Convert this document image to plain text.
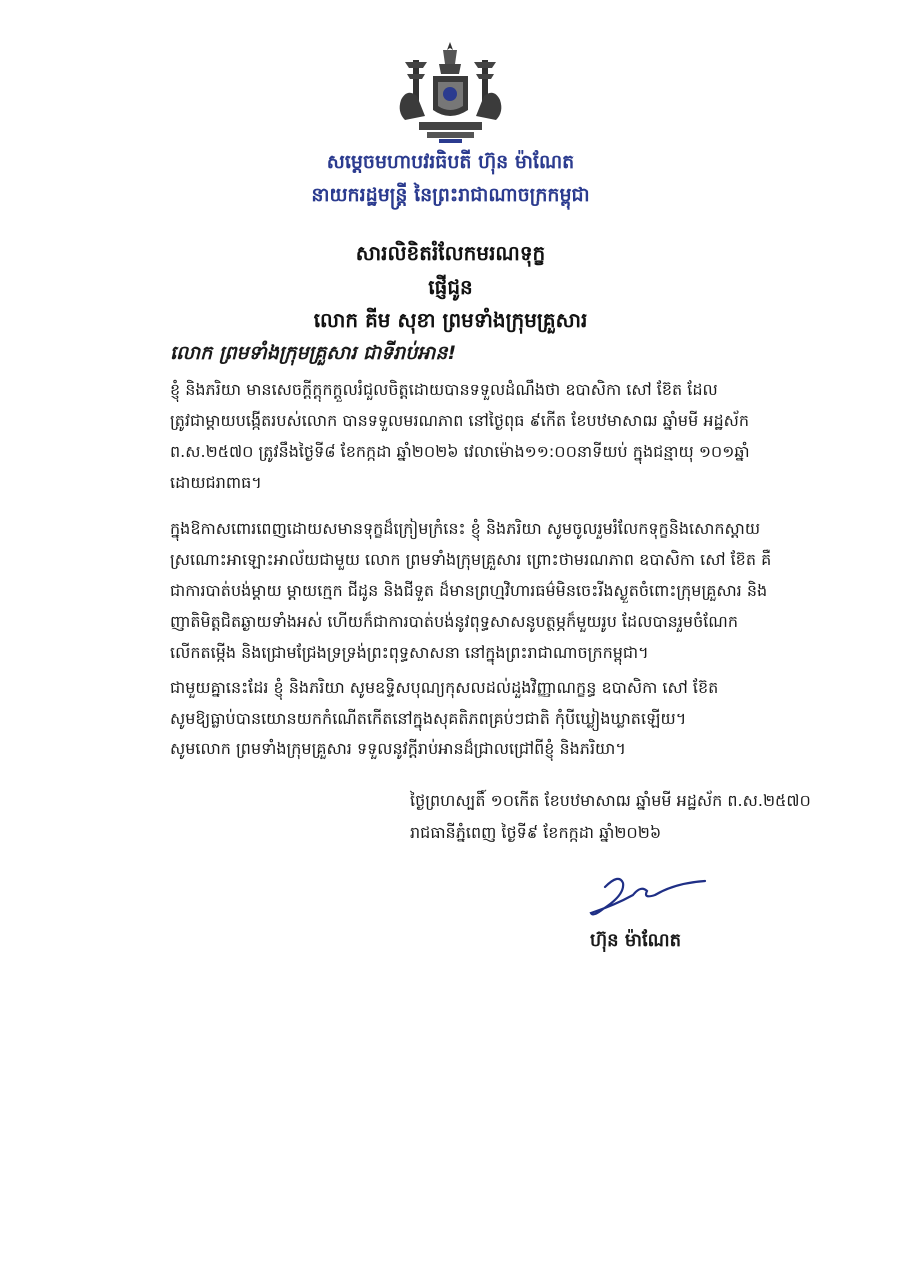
សម្ដេចមហាបវរធិបតី ហ៊ុន ម៉ាណែត
នាយករដ្ឋមន្ត្រី នៃព្រះរាជាណាចក្រកម្ពុជា
សារលិខិតរំលែកមរណទុក្ខ
ផ្ញើជូន
លោក គីម សុខា ព្រមទាំងក្រុមគ្រួសារ
លោក ព្រមទាំងក្រុមគ្រួសារ ជាទីរាប់អាន!

ខ្ញុំ និងភរិយា មានសេចក្ដីក្ដុកក្ដួលរំជួលចិត្តដោយបានទទួលដំណឹងថា ឧបាសិកា សៅ ខ៊ែត ដែល

ត្រូវជាម្ដាយបង្កើតរបស់លោក បានទទួលមរណភាព នៅថ្ងៃពុធ ៩កើត ខែបឋមាសាឍ ឆ្នាំមមី អដ្ឋស័ក

ព.ស.២៥៧០ ត្រូវនឹងថ្ងៃទី៨ ខែកក្កដា ឆ្នាំ២០២៦ វេលាម៉ោង១១:០០នាទីយប់ ក្នុងជន្មាយុ ១០១ឆ្នាំ

ដោយជរាពាធ។

ក្នុងឱកាសពោរពេញដោយសមានទុក្ខដ៏ក្រៀមក្រំនេះ ខ្ញុំ និងភរិយា សូមចូលរួមរំលែកទុក្ខនិងសោកស្ដាយ

ស្រណោះអាឡោះអាល័យជាមួយ លោក ព្រមទាំងក្រុមគ្រួសារ ព្រោះថាមរណភាព ឧបាសិកា សៅ ខ៊ែត គឺ

ជាការបាត់បង់ម្ដាយ ម្ដាយក្មេក ជីដូន និងជីទួត ដ៏មានព្រហ្មវិហារធម៌មិនចេះរីងស្ងួតចំពោះក្រុមគ្រួសារ និង

ញាតិមិត្តជិតឆ្ងាយទាំងអស់ ហើយក៏ជាការបាត់បង់នូវពុទ្ធសាសនូបត្ថម្ភក៏មួយរូប ដែលបានរួមចំណែក

លើកតម្កើង និងជ្រោមជ្រែងទ្រទ្រង់ព្រះពុទ្ធសាសនា នៅក្នុងព្រះរាជាណាចក្រកម្ពុជា។

ជាមួយគ្នានេះដែរ ខ្ញុំ និងភរិយា សូមឧទ្ទិសបុណ្យកុសលដល់ដួងវិញ្ញាណក្ខន្ធ ឧបាសិកា សៅ ខ៊ែត

សូមឱ្យធ្លាប់បានយោនយកកំណើតកើតនៅក្នុងសុគតិភពគ្រប់ៗជាតិ កុំបីឃ្លៀងឃ្លាតឡើយ។

សូមលោក ព្រមទាំងក្រុមគ្រួសារ ទទួលនូវក្ដីរាប់អានដ៏ជ្រាលជ្រៅពីខ្ញុំ និងភរិយា។
ថ្ងៃព្រហស្បតិ៍ ១០កើត ខែបឋមាសាឍ ឆ្នាំមមី អដ្ឋស័ក ព.ស.២៥៧០
រាជធានីភ្នំពេញ ថ្ងៃទី៩ ខែកក្កដា ឆ្នាំ២០២៦
ហ៊ុន ម៉ាណែត
